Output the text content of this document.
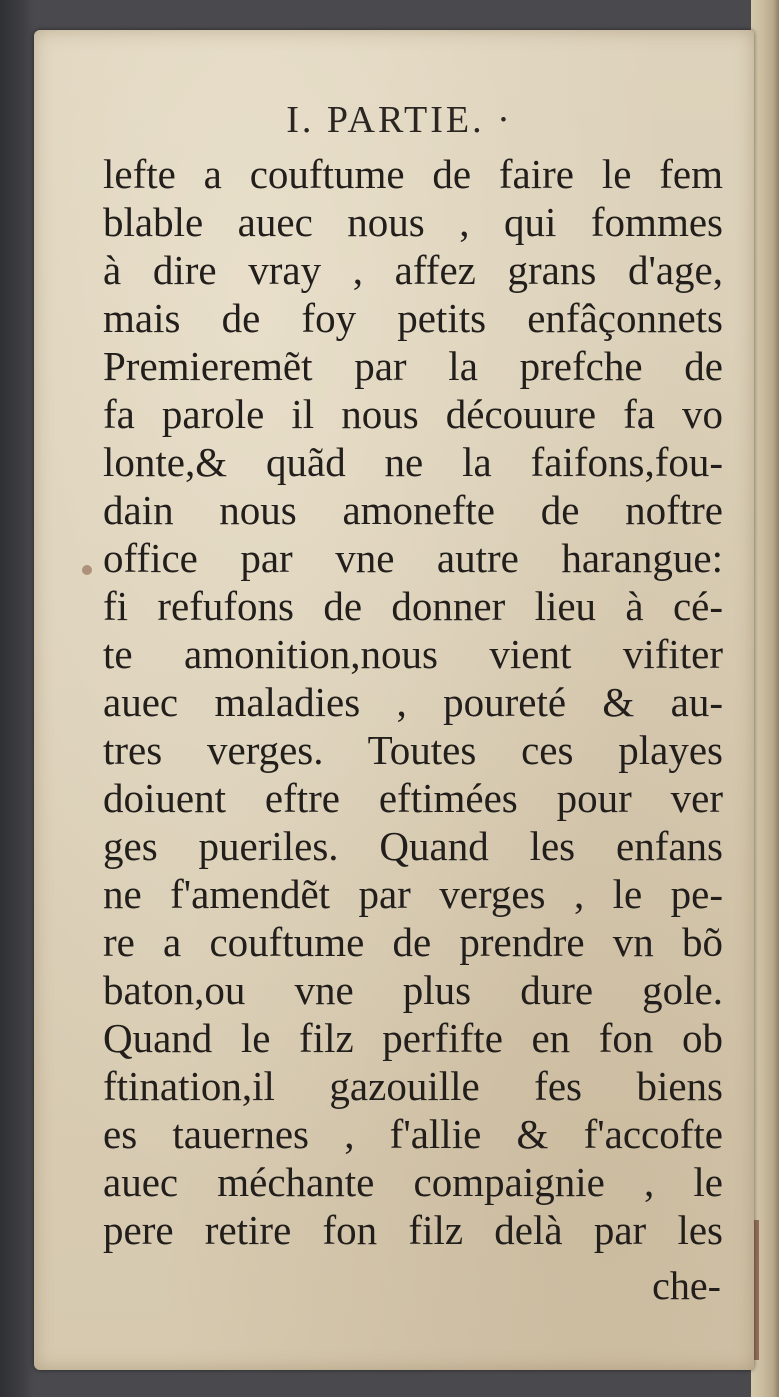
I. PARTIE. ·
lefte a couftume de faire le fem
blable auec nous , qui fommes
à dire vray , affez grans d'age,
mais de foy petits enfâçonnets
Premieremẽt par la prefche de
fa parole il nous découure fa vo
lonte,& quãd ne la faifons,fou-
dain nous amonefte de noftre
office par vne autre harangue:
fi refufons de donner lieu à cé-
te amonition,nous vient vifiter
auec maladies , poureté & au-
tres verges. Toutes ces playes
doiuent eftre eftimées pour ver
ges pueriles. Quand les enfans
ne f'amendẽt par verges , le pe-
re a couftume de prendre vn bõ
baton,ou vne plus dure gole.
Quand le filz perfifte en fon ob
ftination,il gazouille fes biens
es tauernes , f'allie & f'accofte
auec méchante compaignie , le
pere retire fon filz delà par les
che-
